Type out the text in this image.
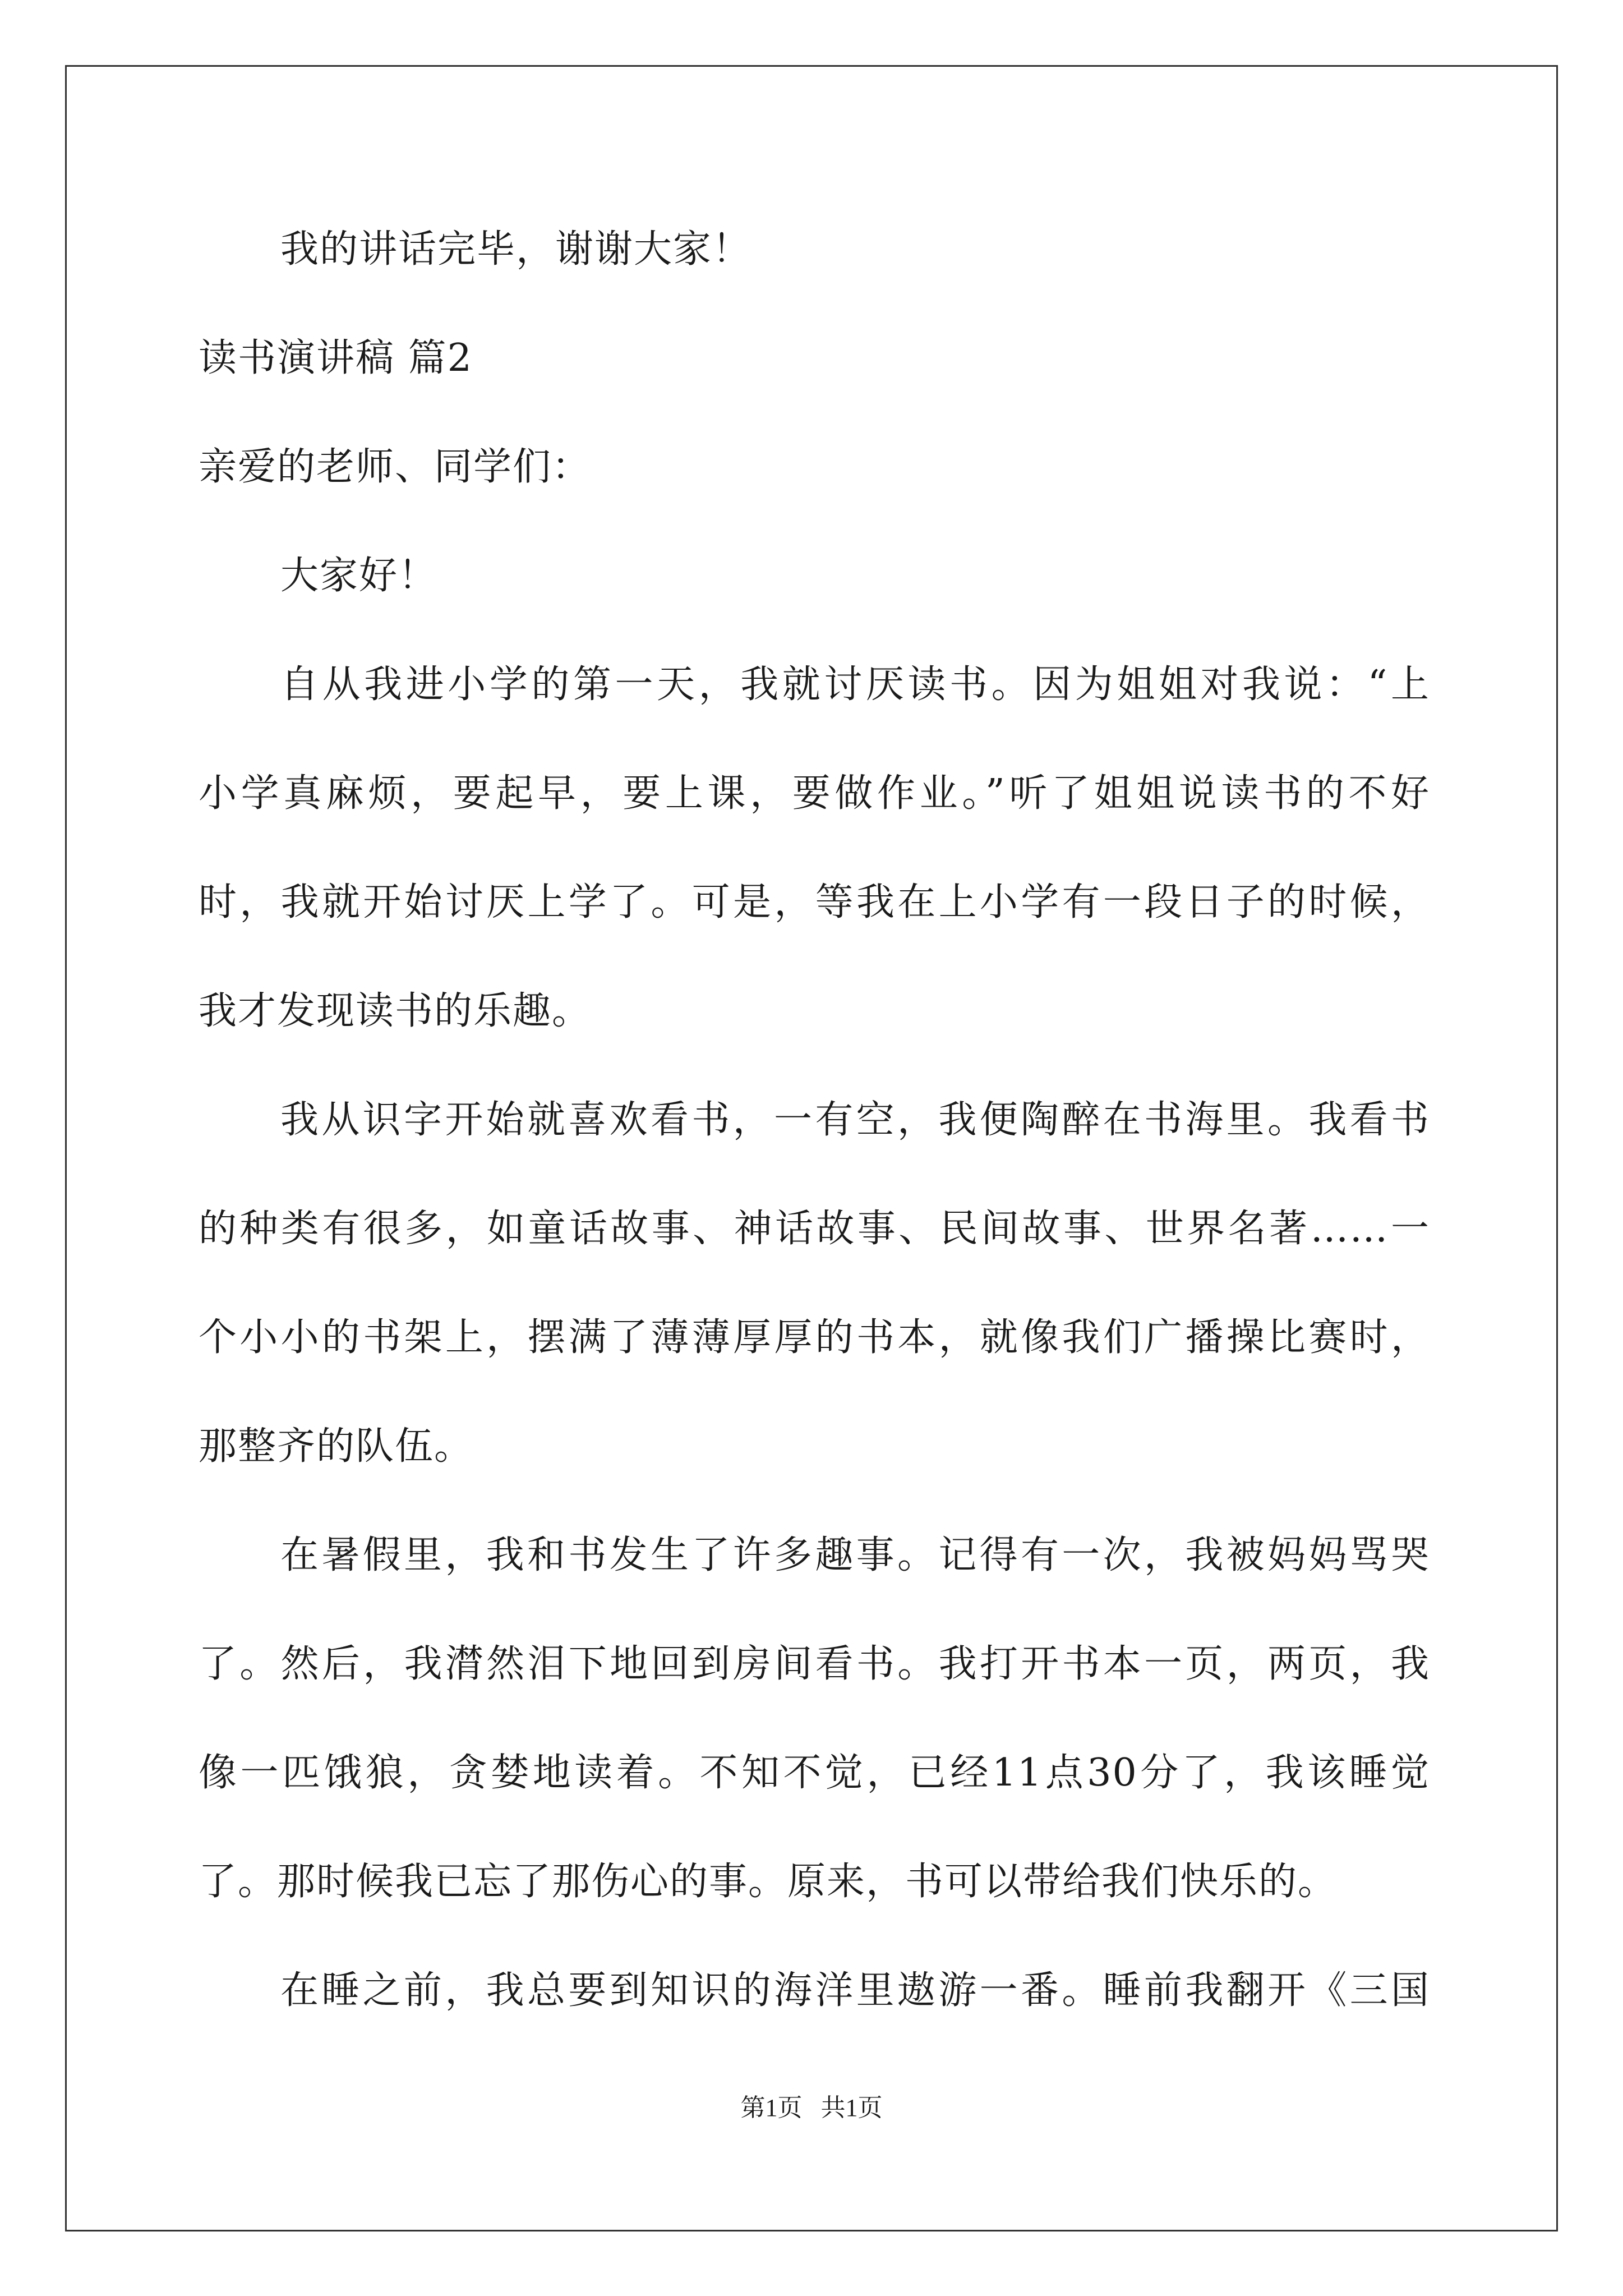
我的讲话完毕，谢谢大家！
读书演讲稿 篇2
亲爱的老师、同学们：
大家好！
自从我进小学的第一天，我就讨厌读书。因为姐姐对我说：“上
小学真麻烦，要起早，要上课，要做作业。”听了姐姐说读书的不好
时，我就开始讨厌上学了。可是，等我在上小学有一段日子的时候，
我才发现读书的乐趣。
我从识字开始就喜欢看书，一有空，我便陶醉在书海里。我看书
的种类有很多，如童话故事、神话故事、民间故事、世界名著……一
个小小的书架上，摆满了薄薄厚厚的书本，就像我们广播操比赛时，
那整齐的队伍。
在暑假里，我和书发生了许多趣事。记得有一次，我被妈妈骂哭
了。然后，我潸然泪下地回到房间看书。我打开书本一页，两页，我
像一匹饿狼，贪婪地读着。不知不觉，已经11点30分了，我该睡觉
了。那时候我已忘了那伤心的事。原来，书可以带给我们快乐的。
在睡之前，我总要到知识的海洋里遨游一番。睡前我翻开《三国
第1页   共1页
